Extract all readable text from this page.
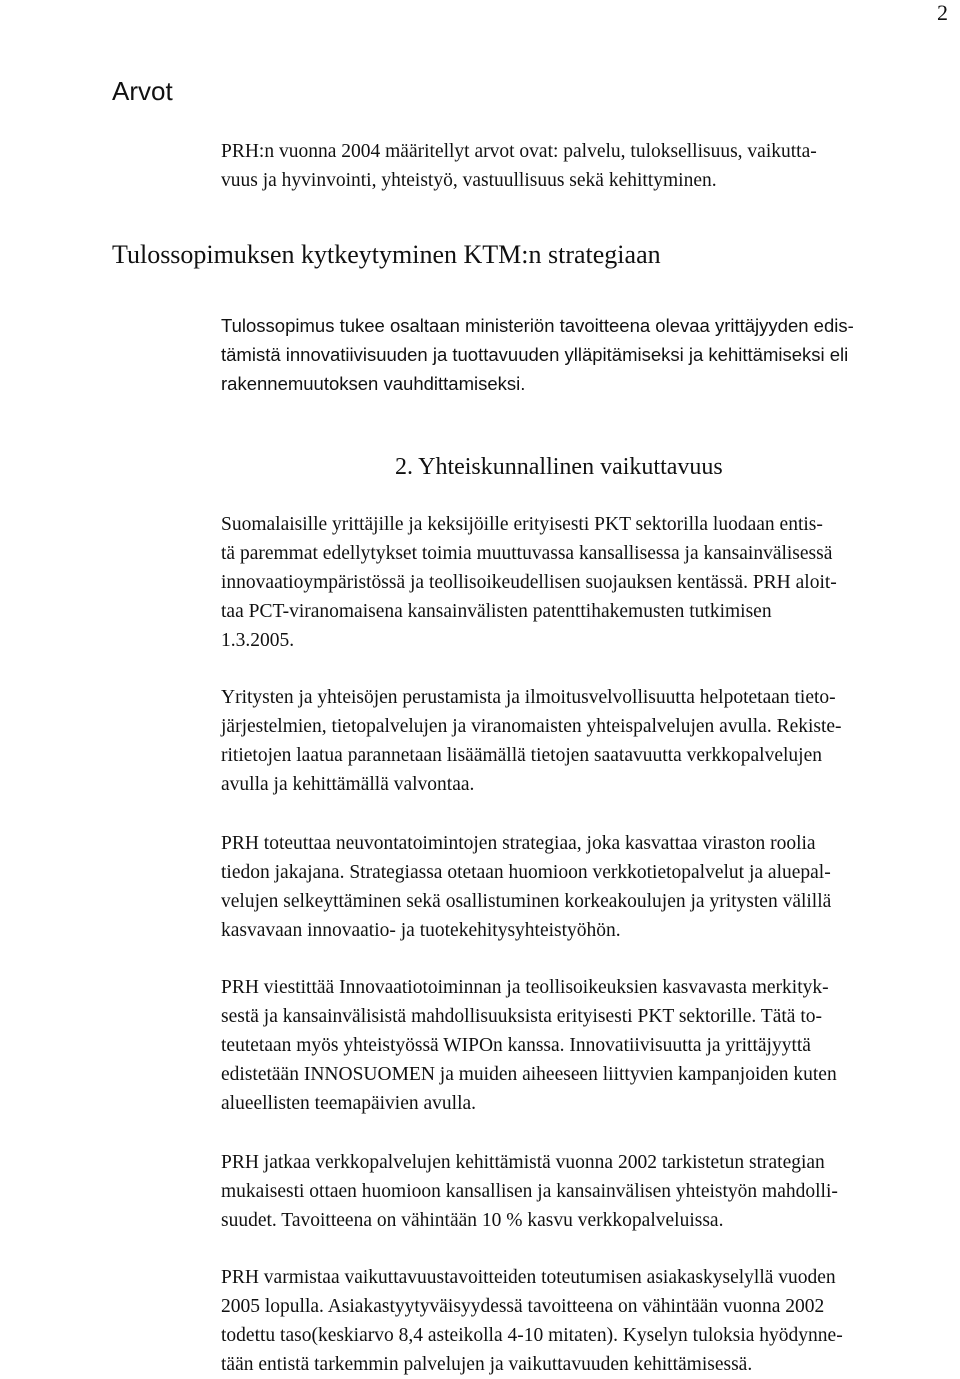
2
Arvot
PRH:n vuonna 2004 määritellyt arvot ovat: palvelu, tuloksellisuus, vaikutta-
vuus ja hyvinvointi, yhteistyö, vastuullisuus sekä kehittyminen.
Tulossopimuksen kytkeytyminen KTM:n strategiaan
Tulossopimus tukee osaltaan ministeriön tavoitteena olevaa yrittäjyyden edis-
tämistä innovatiivisuuden ja tuottavuuden ylläpitämiseksi ja kehittämiseksi eli
rakennemuutoksen vauhdittamiseksi.
2. Yhteiskunnallinen vaikuttavuus
Suomalaisille yrittäjille ja keksijöille erityisesti PKT sektorilla luodaan entis-
tä paremmat edellytykset toimia muuttuvassa kansallisessa ja kansainvälisessä
innovaatioympäristössä ja teollisoikeudellisen suojauksen kentässä. PRH aloit-
taa PCT-viranomaisena kansainvälisten patenttihakemusten tutkimisen
1.3.2005.
Yritysten ja yhteisöjen perustamista ja ilmoitusvelvollisuutta helpotetaan tieto-
järjestelmien, tietopalvelujen ja viranomaisten yhteispalvelujen avulla. Rekiste-
ritietojen laatua parannetaan lisäämällä tietojen saatavuutta verkkopalvelujen
avulla ja kehittämällä valvontaa.
PRH toteuttaa neuvontatoimintojen strategiaa, joka kasvattaa viraston roolia
tiedon jakajana. Strategiassa otetaan huomioon verkkotietopalvelut ja aluepal-
velujen selkeyttäminen sekä osallistuminen korkeakoulujen ja yritysten välillä
kasvavaan innovaatio- ja tuotekehitysyhteistyöhön.
PRH viestittää Innovaatiotoiminnan ja teollisoikeuksien kasvavasta merkityk-
sestä ja kansainvälisistä mahdollisuuksista erityisesti PKT sektorille. Tätä to-
teutetaan myös yhteistyössä WIPOn kanssa. Innovatiivisuutta ja yrittäjyyttä
edistetään INNOSUOMEN ja muiden aiheeseen liittyvien kampanjoiden kuten
alueellisten teemapäivien avulla.
PRH jatkaa verkkopalvelujen kehittämistä vuonna 2002 tarkistetun strategian
mukaisesti ottaen huomioon kansallisen ja kansainvälisen yhteistyön mahdolli-
suudet. Tavoitteena on vähintään 10 % kasvu verkkopalveluissa.
PRH varmistaa vaikuttavuustavoitteiden toteutumisen asiakaskyselyllä vuoden
2005 lopulla. Asiakastyytyväisyydessä tavoitteena on vähintään vuonna 2002
todettu taso(keskiarvo 8,4 asteikolla 4-10 mitaten). Kyselyn tuloksia hyödynne-
tään entistä tarkemmin palvelujen ja vaikuttavuuden kehittämisessä.
